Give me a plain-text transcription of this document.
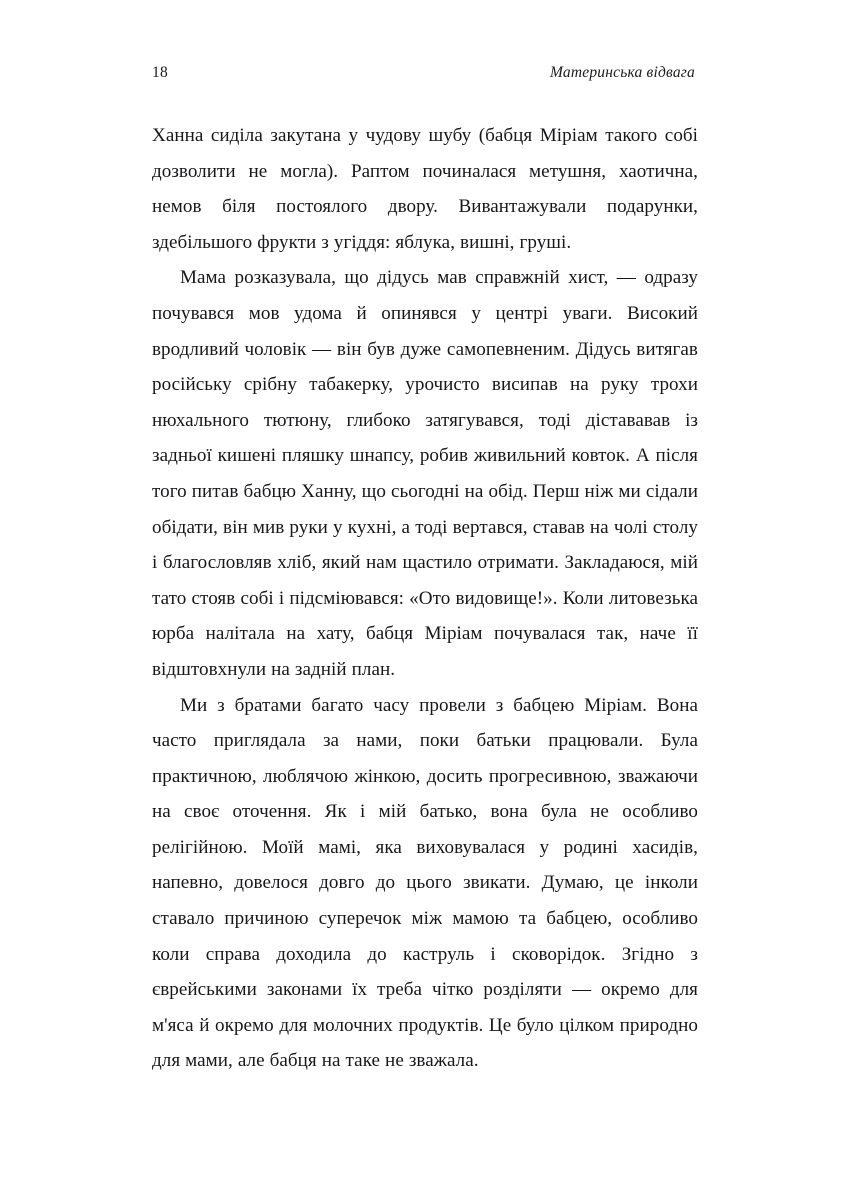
18	Материнська відвага

Ханна сиділа закутана у чудову шубу (бабця Міріам такого собі дозволити не могла). Раптом починалася метушня, хаотична, немов біля постоялого двору. Вивантажували подарунки, здебільшого фрукти з угіддя: яблука, вишні, груші.

Мама розказувала, що дідусь мав справжній хист, — одразу почувався мов удома й опинявся у центрі уваги. Високий вродливий чоловік — він був дуже самопевненим. Дідусь витягав російську срібну табакерку, урочисто висипав на руку трохи нюхального тютюну, глибоко затягувався, тоді дістававав із задньої кишені пляшку шнапсу, робив живильний ковток. А після того питав бабцю Ханну, що сьогодні на обід. Перш ніж ми сідали обідати, він мив руки у кухні, а тоді вертався, ставав на чолі столу і благословляв хліб, який нам щастило отримати. Закладаюся, мій тато стояв собі і підсміювався: «Ото видовище!». Коли литовезька юрба налітала на хату, бабця Міріам почувалася так, наче її відштовхнули на задній план.

Ми з братами багато часу провели з бабцею Міріам. Вона часто приглядала за нами, поки батьки працювали. Була практичною, люблячою жінкою, досить прогресивною, зважаючи на своє оточення. Як і мій батько, вона була не особливо релігійною. Моїй мамі, яка виховувалася у родині хасидів, напевно, довелося довго до цього звикати. Думаю, це інколи ставало причиною суперечок між мамою та бабцею, особливо коли справа доходила до каструль і сковорідок. Згідно з єврейськими законами їх треба чітко розділяти — окремо для м'яса й окремо для молочних продуктів. Це було цілком природно для мами, але бабця на таке не зважала.
